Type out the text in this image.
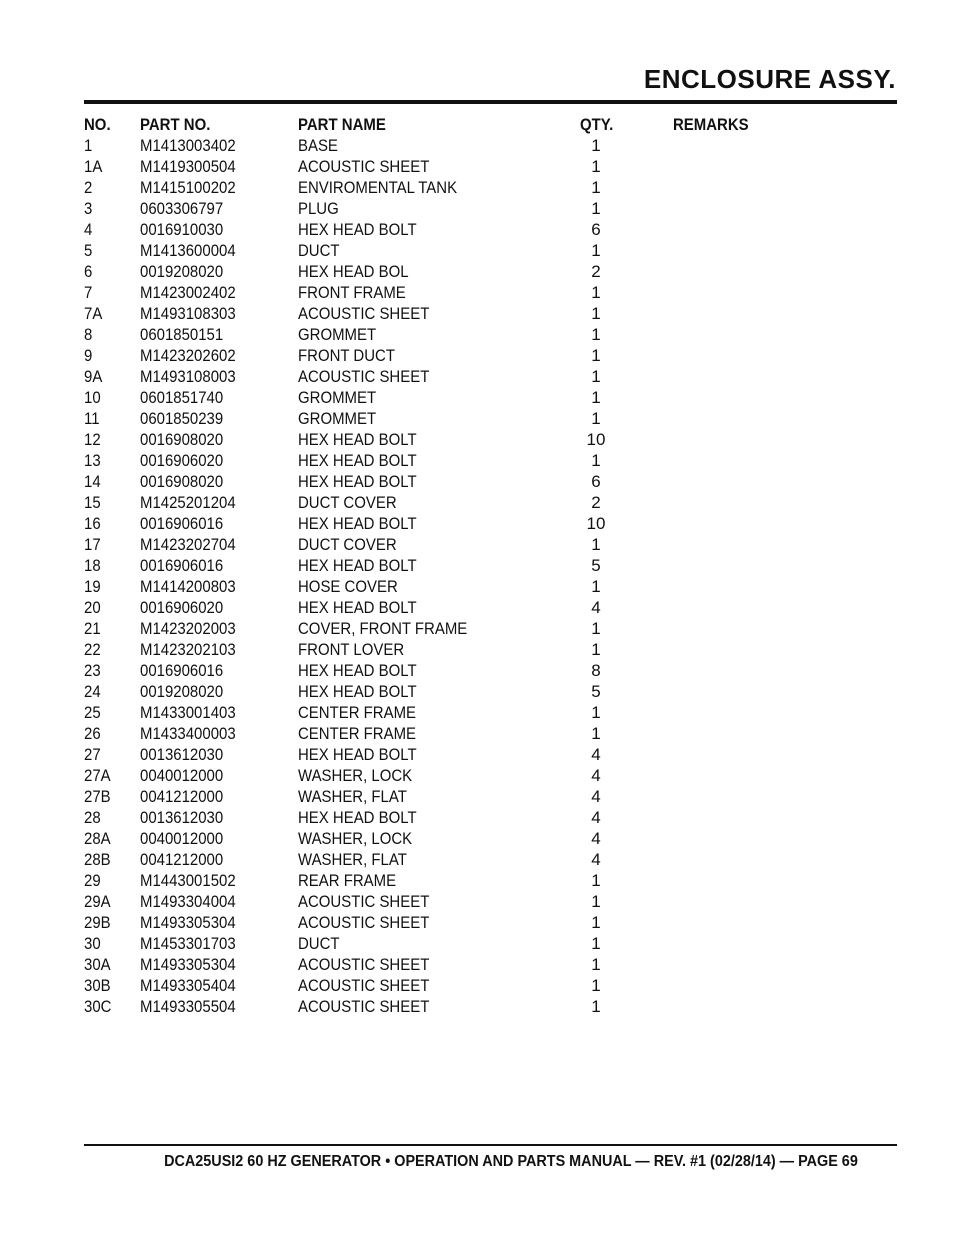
ENCLOSURE ASSY.
NO. PART NO.	PART NAME	QTY.	REMARKS
1	M1413003402	BASE	1
1A M1419300504	ACOUSTIC SHEET	1
2	M1415100202	ENVIROMENTAL TANK	1
3	0603306797	PLUG	1
4	0016910030	HEX HEAD BOLT	6
5	M1413600004	DUCT	1
6	0019208020	HEX HEAD BOL	2
7	M1423002402	FRONT FRAME	1
7A M1493108303	ACOUSTIC SHEET	1
8	0601850151	GROMMET	1
9	M1423202602	FRONT DUCT	1
9A M1493108003	ACOUSTIC SHEET	1
10 0601851740	GROMMET	1
11 0601850239	GROMMET	1
12 0016908020	HEX HEAD BOLT	10
13 0016906020	HEX HEAD BOLT	1
14 0016908020	HEX HEAD BOLT	6
15 M1425201204	DUCT COVER	2
16 0016906016	HEX HEAD BOLT	10
17 M1423202704	DUCT COVER	1
18 0016906016	HEX HEAD BOLT	5
19 M1414200803	HOSE COVER	1
20 0016906020	HEX HEAD BOLT	4
21 M1423202003	COVER, FRONT FRAME	1
22 M1423202103	FRONT LOVER	1
23 0016906016	HEX HEAD BOLT	8
24 0019208020	HEX HEAD BOLT	5
25 M1433001403	CENTER FRAME	1
26 M1433400003	CENTER FRAME	1
27 0013612030	HEX HEAD BOLT	4
27A 0040012000	WASHER, LOCK	4
27B 0041212000	WASHER, FLAT	4
28 0013612030	HEX HEAD BOLT	4
28A 0040012000	WASHER, LOCK	4
28B 0041212000	WASHER, FLAT	4
29 M1443001502	REAR FRAME	1
29A M1493304004	ACOUSTIC SHEET	1
29B M1493305304	ACOUSTIC SHEET	1
30 M1453301703	DUCT	1
30A M1493305304	ACOUSTIC SHEET	1
30B M1493305404	ACOUSTIC SHEET	1
30C M1493305504	ACOUSTIC SHEET	1
DCA25USI2 60 HZ GENERATOR • OPERATION AND PARTS MANUAL — REV. #1 (02/28/14) — PAGE 69
